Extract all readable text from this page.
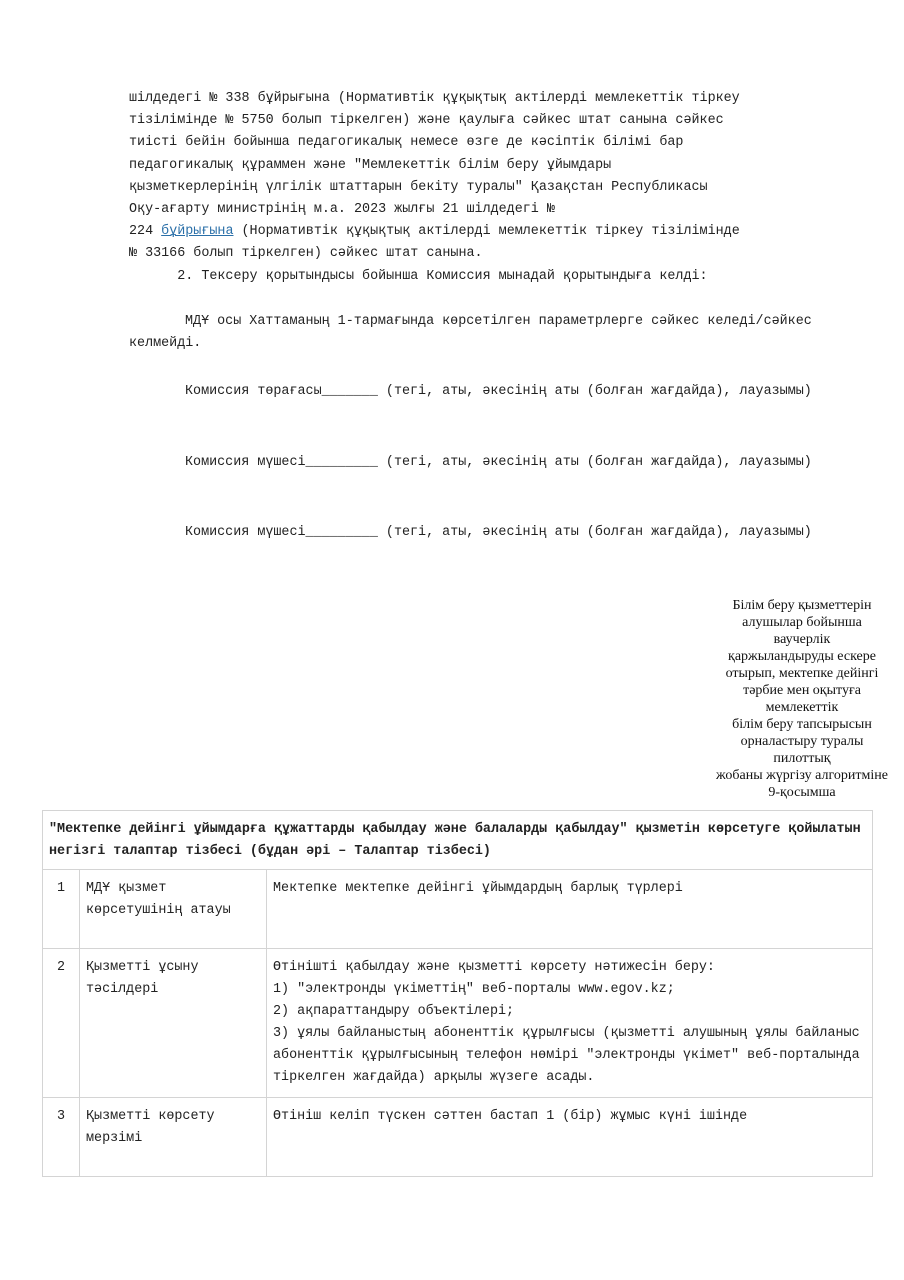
шілдедегі № 338 бұйрығына (Нормативтік құқықтық актілерді мемлекеттік тіркеу
тізілімінде № 5750 болып тіркелген) және қаулыға сәйкес штат санына сәйкес
тиісті бейін бойынша педагогикалық немесе өзге де кәсіптік білімі бар
педагогикалық құраммен және "Мемлекеттік білім беру ұйымдары
қызметкерлерінің үлгілік штаттарын бекіту туралы" Қазақстан Республикасы
Оқу-ағарту министрінің м.а. 2023 жылғы 21 шілдедегі №
224 бұйрығына (Нормативтік құқықтық актілерді мемлекеттік тіркеу тізілімінде
№ 33166 болып тіркелген) сәйкес штат санына.
2. Тексеру қорытындысы бойынша Комиссия мынадай қорытындыға келді:
МДҰ осы Хаттаманың 1-тармағында көрсетілген параметрлерге сәйкес келеді/сәйкес келмейді.
Комиссия төрағасы_______ (тегі, аты, әкесінің аты (болған жағдайда), лауазымы)
Комиссия мүшесі_________ (тегі, аты, әкесінің аты (болған жағдайда), лауазымы)
Комиссия мүшесі_________ (тегі, аты, әкесінің аты (болған жағдайда), лауазымы)
Білім беру қызметтерін
алушылар бойынша
ваучерлік
қаржыландыруды ескере
отырып, мектепке дейінгі
тәрбие мен оқытуға
мемлекеттік
білім беру тапсырысын
орналастыру туралы
пилоттық
жобаны жүргізу алгоритміне
9-қосымша
"Мектепке дейінгі ұйымдарға құжаттарды қабылдау және балаларды қабылдау" қызметін көрсетуге қойылатын негізгі талаптар тізбесі (бұдан әрі – Талаптар тізбесі)		
1	МДҰ қызмет көрсетушінің атауы	Мектепке мектепке дейінгі ұйымдардың барлық түрлері

2	Қызметті ұсыну тәсілдері	Өтінішті қабылдау және қызметті көрсету нәтижесін беру:
1) "электронды үкіметтің" веб-порталы www.egov.kz;
2) ақпараттандыру объектілері;
3) ұялы байланыстың абоненттік құрылғысы (қызметті алушының ұялы байланыс абоненттік құрылғысының телефон нөмірі "электронды үкімет" веб-порталында тіркелген жағдайда) арқылы жүзеге асады.

3	Қызметті көрсету мерзімі	Өтініш келіп түскен сәттен бастап 1 (бір) жұмыс күні ішінде
